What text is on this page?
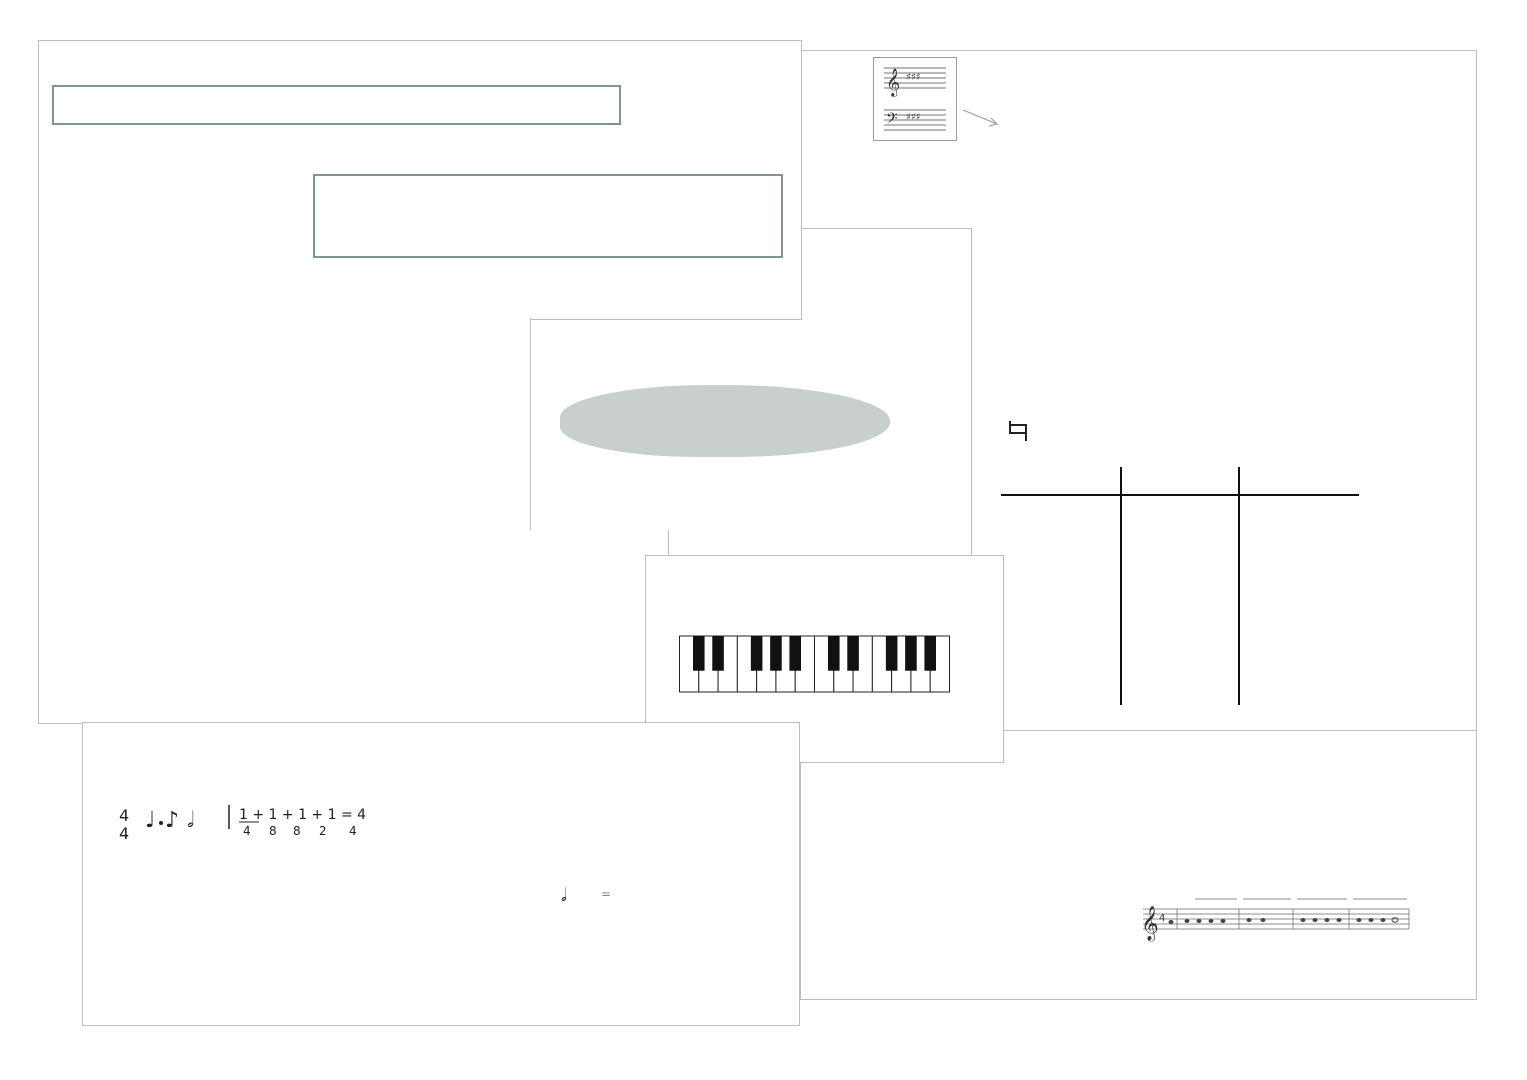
𝄞
𝄢
♯♯♯
♯♯♯
𝄞 4
4
4
♩ ♪ 𝅗𝅥	1 + 1 + 1 + 1 = 4
4 8 8 2 4
𝅗𝅥	=
